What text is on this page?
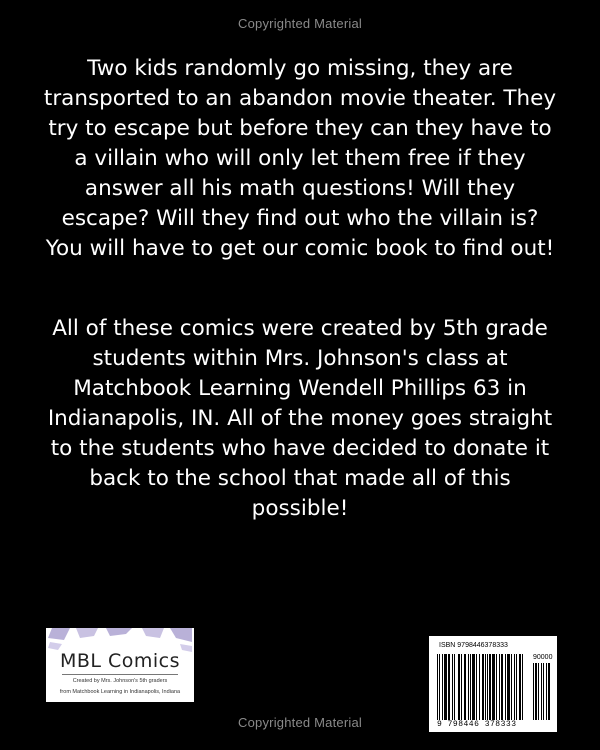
Copyrighted Material

Two kids randomly go missing, they are transported to an abandon movie theater. They try to escape but before they can they have to a villain who will only let them free if they answer all his math questions! Will they escape? Will they find out who the villain is? You will have to get our comic book to find out!

All of these comics were created by 5th grade students within Mrs. Johnson's class at Matchbook Learning Wendell Phillips 63 in Indianapolis, IN. All of the money goes straight to the students who have decided to donate it back to the school that made all of this possible!

MBL Comics
Created by Mrs. Johnson's 5th graders
from Matchbook Learning in Indianapolis, Indiana
ISBN 9798446378333
90000
9 798446 378333
Copyrighted Material
